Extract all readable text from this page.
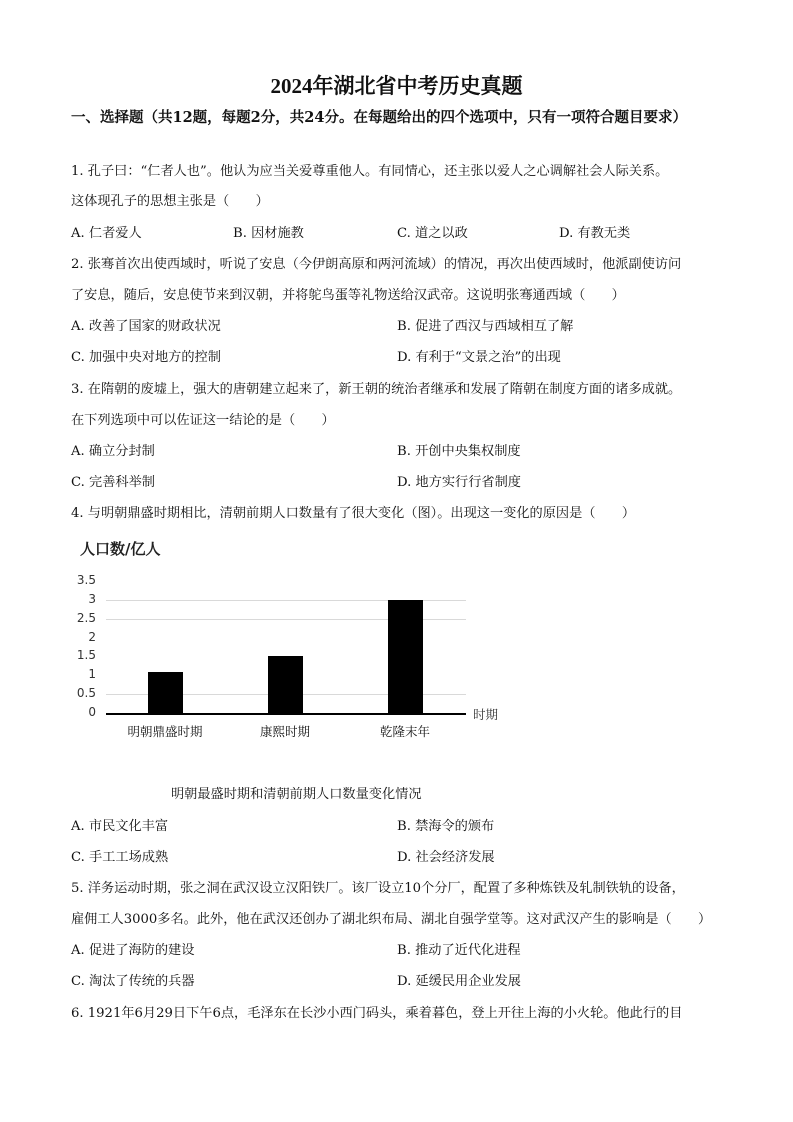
2024年湖北省中考历史真题
一、选择题（共12题，每题2分，共24分。在每题给出的四个选项中，只有一项符合题目要求）
1. 孔子曰：“仁者人也”。他认为应当关爱尊重他人。有同情心，还主张以爱人之心调解社会人际关系。
这体现孔子的思想主张是（　　）
A. 仁者爱人	B. 因材施教	C. 道之以政	D. 有教无类
2. 张骞首次出使西域时，听说了安息（今伊朗高原和两河流域）的情况，再次出使西域时，他派副使访问
了安息，随后，安息使节来到汉朝，并将鸵鸟蛋等礼物送给汉武帝。这说明张骞通西域（　　）
A. 改善了国家的财政状况	B. 促进了西汉与西域相互了解
C. 加强中央对地方的控制	D. 有利于“文景之治”的出现
3. 在隋朝的废墟上，强大的唐朝建立起来了，新王朝的统治者继承和发展了隋朝在制度方面的诸多成就。
在下列选项中可以佐证这一结论的是（　　）
A. 确立分封制	B. 开创中央集权制度
C. 完善科举制	D. 地方实行行省制度
4. 与明朝鼎盛时期相比，清朝前期人口数量有了很大变化（图）。出现这一变化的原因是（　　）
人口数/亿人
0
0.5
1
1.5
2
2.5
3
3.5
明朝鼎盛时期	康熙时期	乾隆末年
时期
明朝最盛时期和清朝前期人口数量变化情况
A. 市民文化丰富	B. 禁海令的颁布
C. 手工工场成熟	D. 社会经济发展
5. 洋务运动时期，张之洞在武汉设立汉阳铁厂。该厂设立10个分厂，配置了多种炼铁及轧制铁轨的设备，
雇佣工人3000多名。此外，他在武汉还创办了湖北织布局、湖北自强学堂等。这对武汉产生的影响是（　　）
A. 促进了海防的建设	B. 推动了近代化进程
C. 淘汰了传统的兵器	D. 延缓民用企业发展
6. 1921年6月29日下午6点，毛泽东在长沙小西门码头，乘着暮色，登上开往上海的小火轮。他此行的目
